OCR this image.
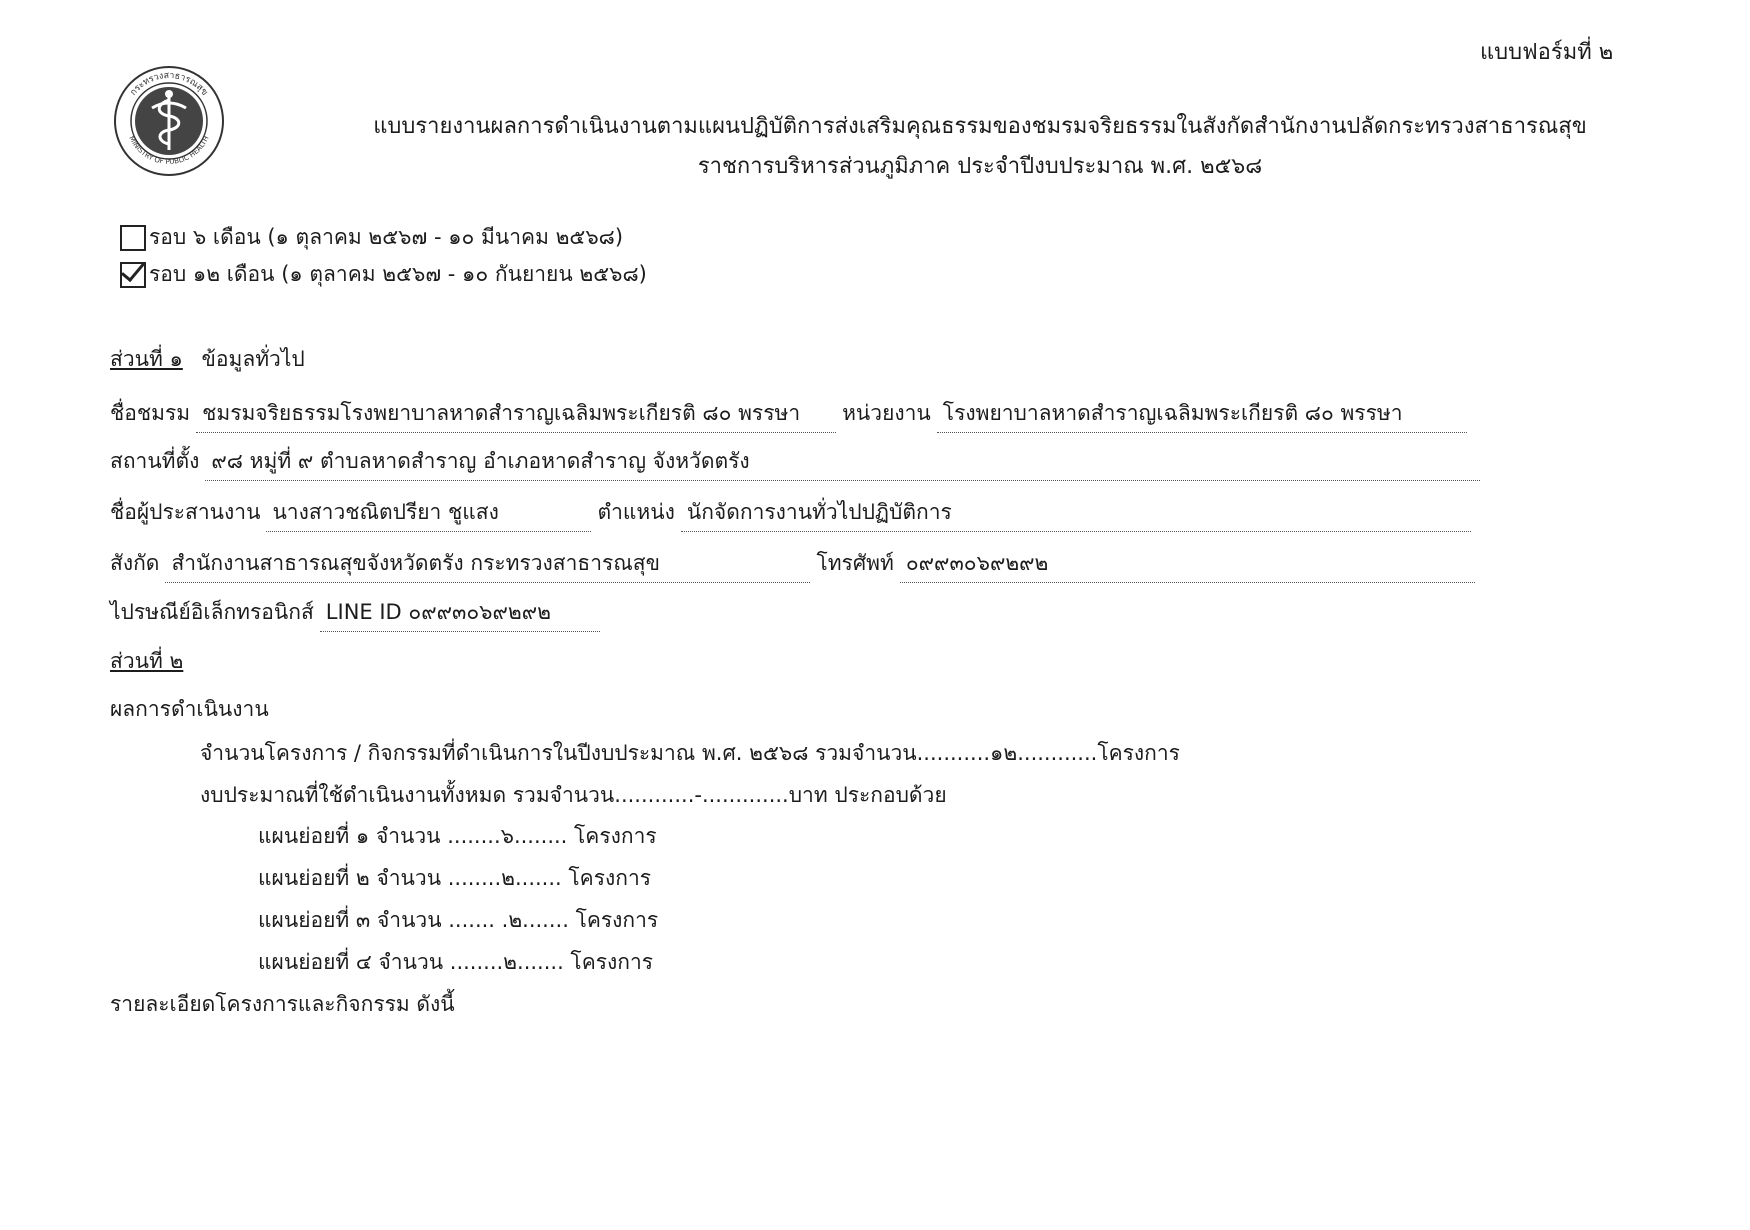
แบบฟอร์มที่ ๒
กระทรวงสาธารณสุข
MINISTRY OF PUBLIC HEALTH	แบบรายงานผลการดำเนินงานตามแผนปฏิบัติการส่งเสริมคุณธรรมของชมรมจริยธรรมในสังกัดสำนักงานปลัดกระทรวงสาธารณสุข
ราชการบริหารส่วนภูมิภาค ประจำปีงบประมาณ พ.ศ. ๒๕๖๘
รอบ ๖ เดือน (๑ ตุลาคม ๒๕๖๗ - ๑๐ มีนาคม ๒๕๖๘)
รอบ ๑๒ เดือน (๑ ตุลาคม ๒๕๖๗ - ๑๐ กันยายน ๒๕๖๘)
ส่วนที่ ๑ ข้อมูลทั่วไป
ชื่อชมรม ชมรมจริยธรรมโรงพยาบาลหาดสำราญเฉลิมพระเกียรติ ๘๐ พรรษา	หน่วยงาน โรงพยาบาลหาดสำราญเฉลิมพระเกียรติ ๘๐ พรรษา
สถานที่ตั้ง ๙๘ หมู่ที่ ๙ ตำบลหาดสำราญ อำเภอหาดสำราญ จังหวัดตรัง
ชื่อผู้ประสานงาน นางสาวชณิตปรียา ชูแสง	ตำแหน่ง นักจัดการงานทั่วไปปฏิบัติการ
สังกัด สำนักงานสาธารณสุขจังหวัดตรัง กระทรวงสาธารณสุข	โทรศัพท์ ๐๙๙๓๐๖๙๒๙๒
ไปรษณีย์อิเล็กทรอนิกส์ LINE ID ๐๙๙๓๐๖๙๒๙๒
ส่วนที่ ๒
ผลการดำเนินงาน
จำนวนโครงการ / กิจกรรมที่ดำเนินการในปีงบประมาณ พ.ศ. ๒๕๖๘ รวมจำนวน...........๑๒............โครงการ
งบประมาณที่ใช้ดำเนินงานทั้งหมด รวมจำนวน............-.............บาท ประกอบด้วย
แผนย่อยที่ ๑ จำนวน ........๖........ โครงการ
แผนย่อยที่ ๒ จำนวน ........๒....... โครงการ
แผนย่อยที่ ๓ จำนวน ....... .๒....... โครงการ
แผนย่อยที่ ๔ จำนวน ........๒....... โครงการ
รายละเอียดโครงการและกิจกรรม ดังนี้
